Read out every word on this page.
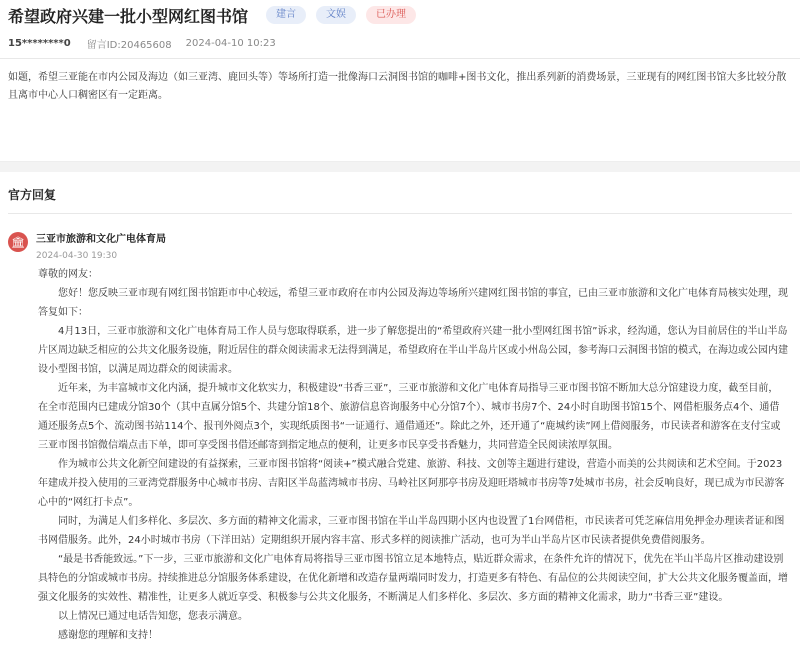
希望政府兴建一批小型网红图书馆	建言	文娱	已办理
15********0 留言ID:20465608 2024-04-10 10:23
如题，希望三亚能在市内公园及海边（如三亚湾、鹿回头等）等场所打造一批像海口云洞图书馆的咖啡+图书文化，推出系列新的消费场景，三亚现有的网红图书馆大多比较分散且离市中心人口稠密区有一定距离。
官方回复
🏛	三亚市旅游和文化广电体育局
2024-04-30 19:30

尊敬的网友：

您好！您反映三亚市现有网红图书馆距市中心较远，希望三亚市政府在市内公园及海边等场所兴建网红图书馆的事宜，已由三亚市旅游和文化广电体育局核实处理，现答复如下：

4月13日，三亚市旅游和文化广电体育局工作人员与您取得联系，进一步了解您提出的“希望政府兴建一批小型网红图书馆”诉求，经沟通，您认为目前居住的半山半岛片区周边缺乏相应的公共文化服务设施，附近居住的群众阅读需求无法得到满足，希望政府在半山半岛片区或小州岛公园，参考海口云洞图书馆的模式，在海边或公园内建设小型图书馆，以满足周边群众的阅读需求。

近年来，为丰富城市文化内涵，提升城市文化软实力，积极建设“书香三亚”，三亚市旅游和文化广电体育局指导三亚市图书馆不断加大总分馆建设力度，截至目前，在全市范围内已建成分馆30个（其中直属分馆5个、共建分馆18个、旅游信息咨询服务中心分馆7个）、城市书房7个、24小时自助图书馆15个、网借柜服务点4个、通借通还服务点5个、流动图书站114个、报刊外阅点3个，实现纸质图书“一证通行、通借通还”。除此之外，还开通了“鹿城约读”网上借阅服务，市民读者和游客在支付宝或三亚市图书馆微信端点击下单，即可享受图书借还邮寄到指定地点的便利，让更多市民享受书香魅力，共同营造全民阅读浓厚氛围。

作为城市公共文化新空间建设的有益探索，三亚市图书馆将“阅读+”模式融合党建、旅游、科技、文创等主题进行建设，营造小而美的公共阅读和艺术空间。于2023年建成并投入使用的三亚湾党群服务中心城市书房、吉阳区半岛蓝湾城市书房、马岭社区阿那亭书房及迎旺塔城市书房等7处城市书房，社会反响良好，现已成为市民游客心中的“网红打卡点”。

同时，为满足人们多样化、多层次、多方面的精神文化需求，三亚市图书馆在半山半岛四期小区内也设置了1台网借柜，市民读者可凭芝麻信用免押金办理读者证和图书网借服务。此外，24小时城市书房（下洋田站）定期组织开展内容丰富、形式多样的阅读推广活动，也可为半山半岛片区市民读者提供免费借阅服务。

“最是书香能致远。”下一步，三亚市旅游和文化广电体育局将指导三亚市图书馆立足本地特点，贴近群众需求，在条件允许的情况下，优先在半山半岛片区推动建设别具特色的分馆或城市书房。持续推进总分馆服务体系建设，在优化新增和改造存量两端同时发力，打造更多有特色、有品位的公共阅读空间，扩大公共文化服务覆盖面，增强文化服务的实效性、精准性，让更多人就近享受、积极参与公共文化服务，不断满足人们多样化、多层次、多方面的精神文化需求，助力“书香三亚”建设。

以上情况已通过电话告知您，您表示满意。

感谢您的理解和支持！
